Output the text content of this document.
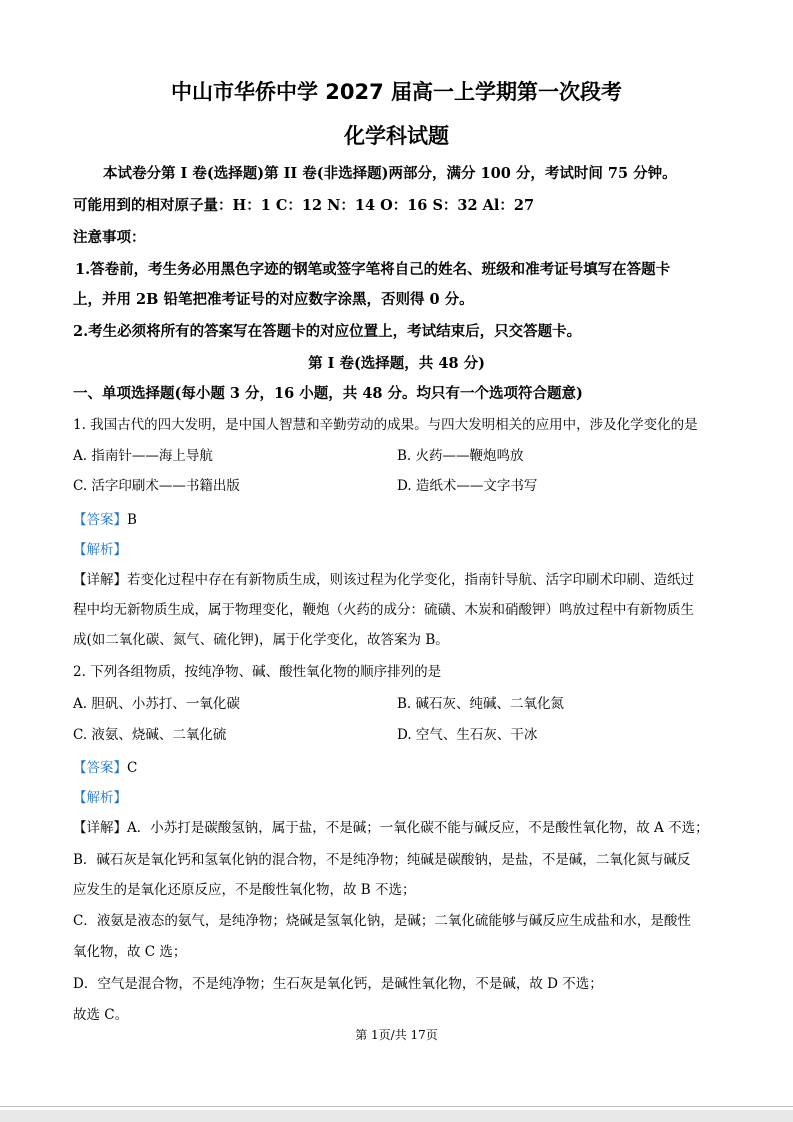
中山市华侨中学 2027 届高一上学期第一次段考
化学科试题
本试卷分第 I 卷(选择题)第 II 卷(非选择题)两部分，满分 100 分，考试时间 75 分钟。
可能用到的相对原子量：H：1 C：12 N：14 O：16 S：32 Al：27
注意事项：
1.答卷前，考生务必用黑色字迹的钢笔或签字笔将自己的姓名、班级和准考证号填写在答题卡
上，并用 2B 铅笔把准考证号的对应数字涂黑，否则得 0 分。
2.考生必须将所有的答案写在答题卡的对应位置上，考试结束后，只交答题卡。
第 I 卷(选择题，共 48 分)
一、单项选择题(每小题 3 分，16 小题，共 48 分。均只有一个选项符合题意)
1. 我国古代的四大发明，是中国人智慧和辛勤劳动的成果。与四大发明相关的应用中，涉及化学变化的是
A. 指南针——海上导航	B. 火药——鞭炮鸣放
C. 活字印刷术——书籍出版	D. 造纸术——文字书写
【答案】B
【解析】
【详解】若变化过程中存在有新物质生成，则该过程为化学变化，指南针导航、活字印刷术印刷、造纸过
程中均无新物质生成，属于物理变化，鞭炮（火药的成分：硫磺、木炭和硝酸钾）鸣放过程中有新物质生
成(如二氧化碳、氮气、硫化钾)，属于化学变化，故答案为 B。
2. 下列各组物质，按纯净物、碱、酸性氧化物的顺序排列的是
A. 胆矾、小苏打、一氧化碳	B. 碱石灰、纯碱、二氧化氮
C. 液氨、烧碱、二氧化硫	D. 空气、生石灰、干冰
【答案】C
【解析】
【详解】A．小苏打是碳酸氢钠，属于盐，不是碱；一氧化碳不能与碱反应，不是酸性氧化物，故 A 不选；
B．碱石灰是氧化钙和氢氧化钠的混合物，不是纯净物；纯碱是碳酸钠，是盐，不是碱，二氧化氮与碱反
应发生的是氧化还原反应，不是酸性氧化物，故 B 不选；
C．液氨是液态的氨气，是纯净物；烧碱是氢氧化钠，是碱；二氧化硫能够与碱反应生成盐和水，是酸性
氧化物，故 C 选；
D．空气是混合物，不是纯净物；生石灰是氧化钙，是碱性氧化物，不是碱，故 D 不选；
故选 C。
第 1页/共 17页
